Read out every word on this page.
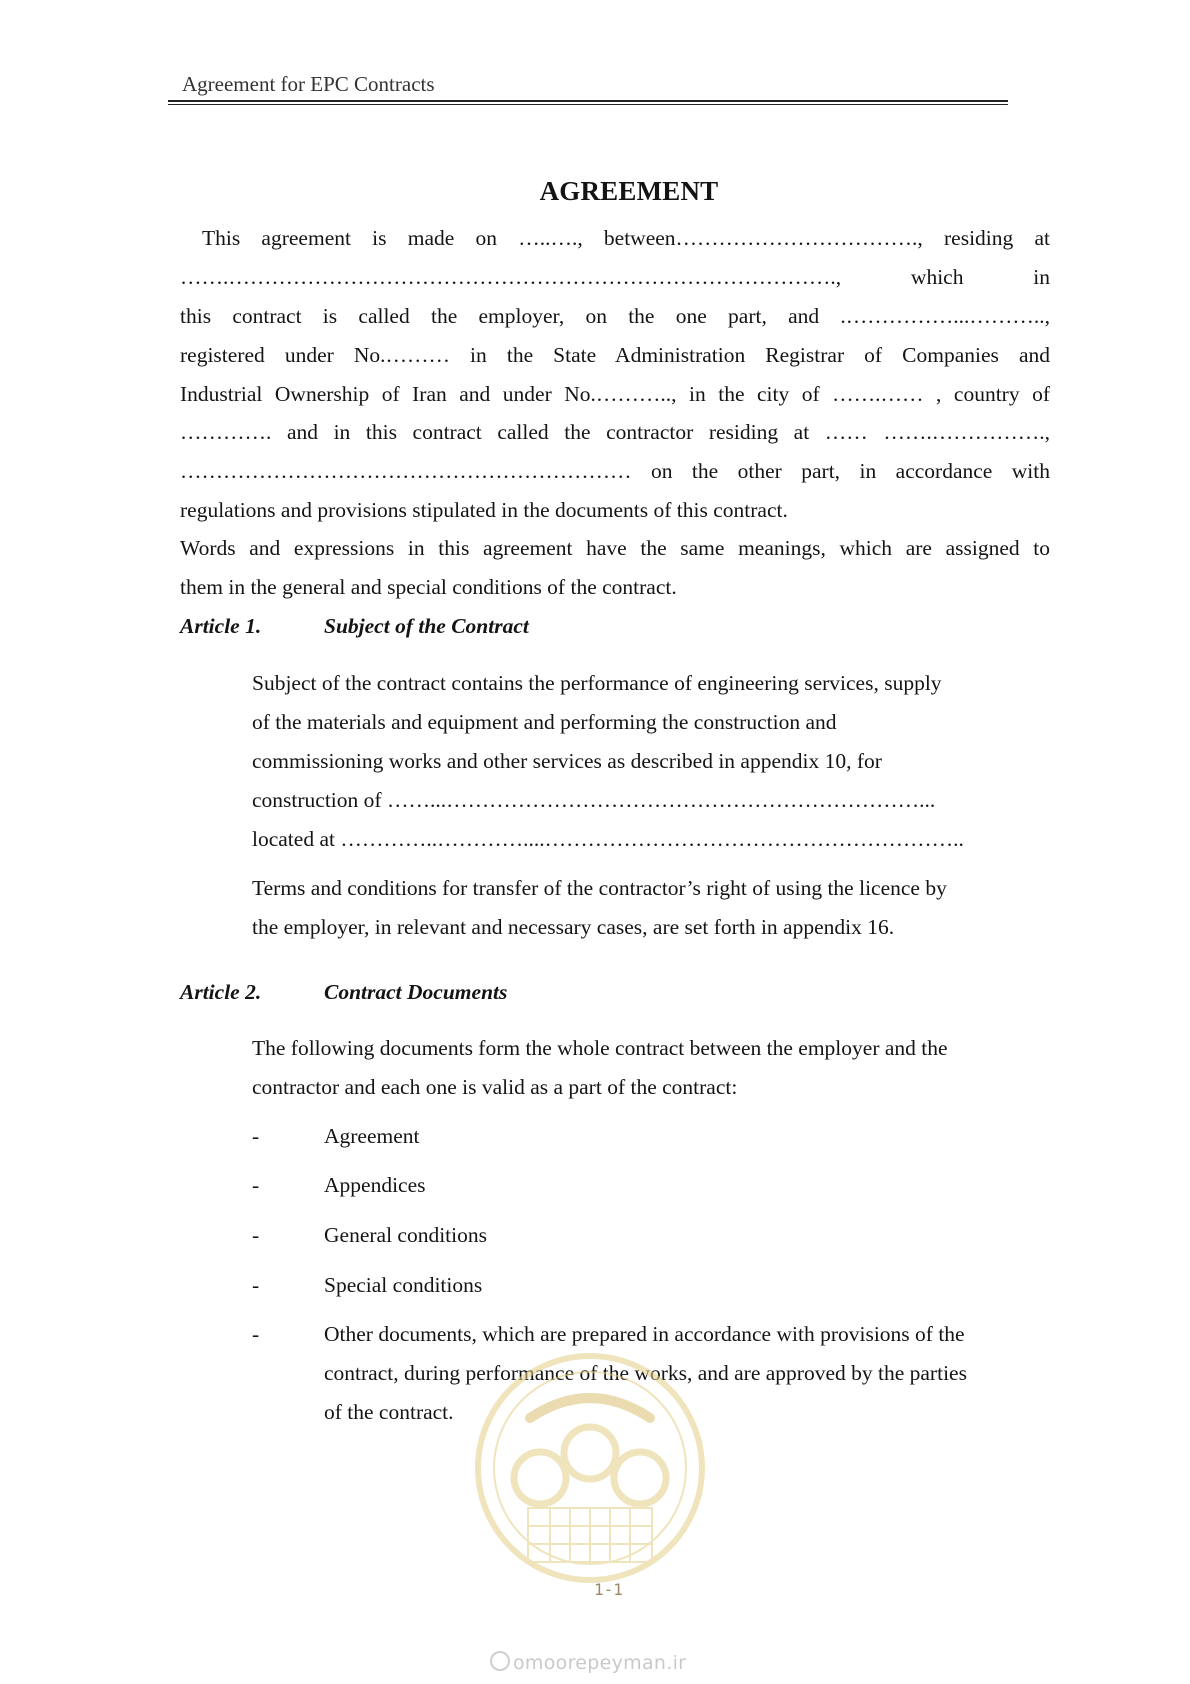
Agreement for EPC Contracts
AGREEMENT
This agreement is made on …..…., between……………………………., residing at
…….…………………………………………………………………………., which in
this contract is called the employer, on the one part, and .……………...………..,
registered under No.……… in the State Administration Registrar of Companies and
Industrial Ownership of Iran and under No.……….., in the city of …….…… , country of
…………. and in this contract called the contractor residing at …… …….…………….,
……………………………………………………… on the other part, in accordance with
regulations and provisions stipulated in the documents of this contract.
Words and expressions in this agreement have the same meanings, which are assigned to
them in the general and special conditions of the contract.
Article 1.	Subject of the Contract
Subject of the contract contains the performance of engineering services, supply
of the materials and equipment and performing the construction and
commissioning works and other services as described in appendix 10, for
construction of ……...…………………………………………………………...
located at …………..…………....…………………………………………………..
Terms and conditions for transfer of the contractor’s right of using the licence by
the employer, in relevant and necessary cases, are set forth in appendix 16.
Article 2.	Contract Documents
The following documents form the whole contract between the employer and the
contractor and each one is valid as a part of the contract:
-	Agreement
-	Appendices
-	General conditions
-	Special conditions
-	Other documents, which are prepared in accordance with provisions of the
contract, during performance of the works, and are approved by the parties
of the contract.
1-1
omoorepeyman.ir
